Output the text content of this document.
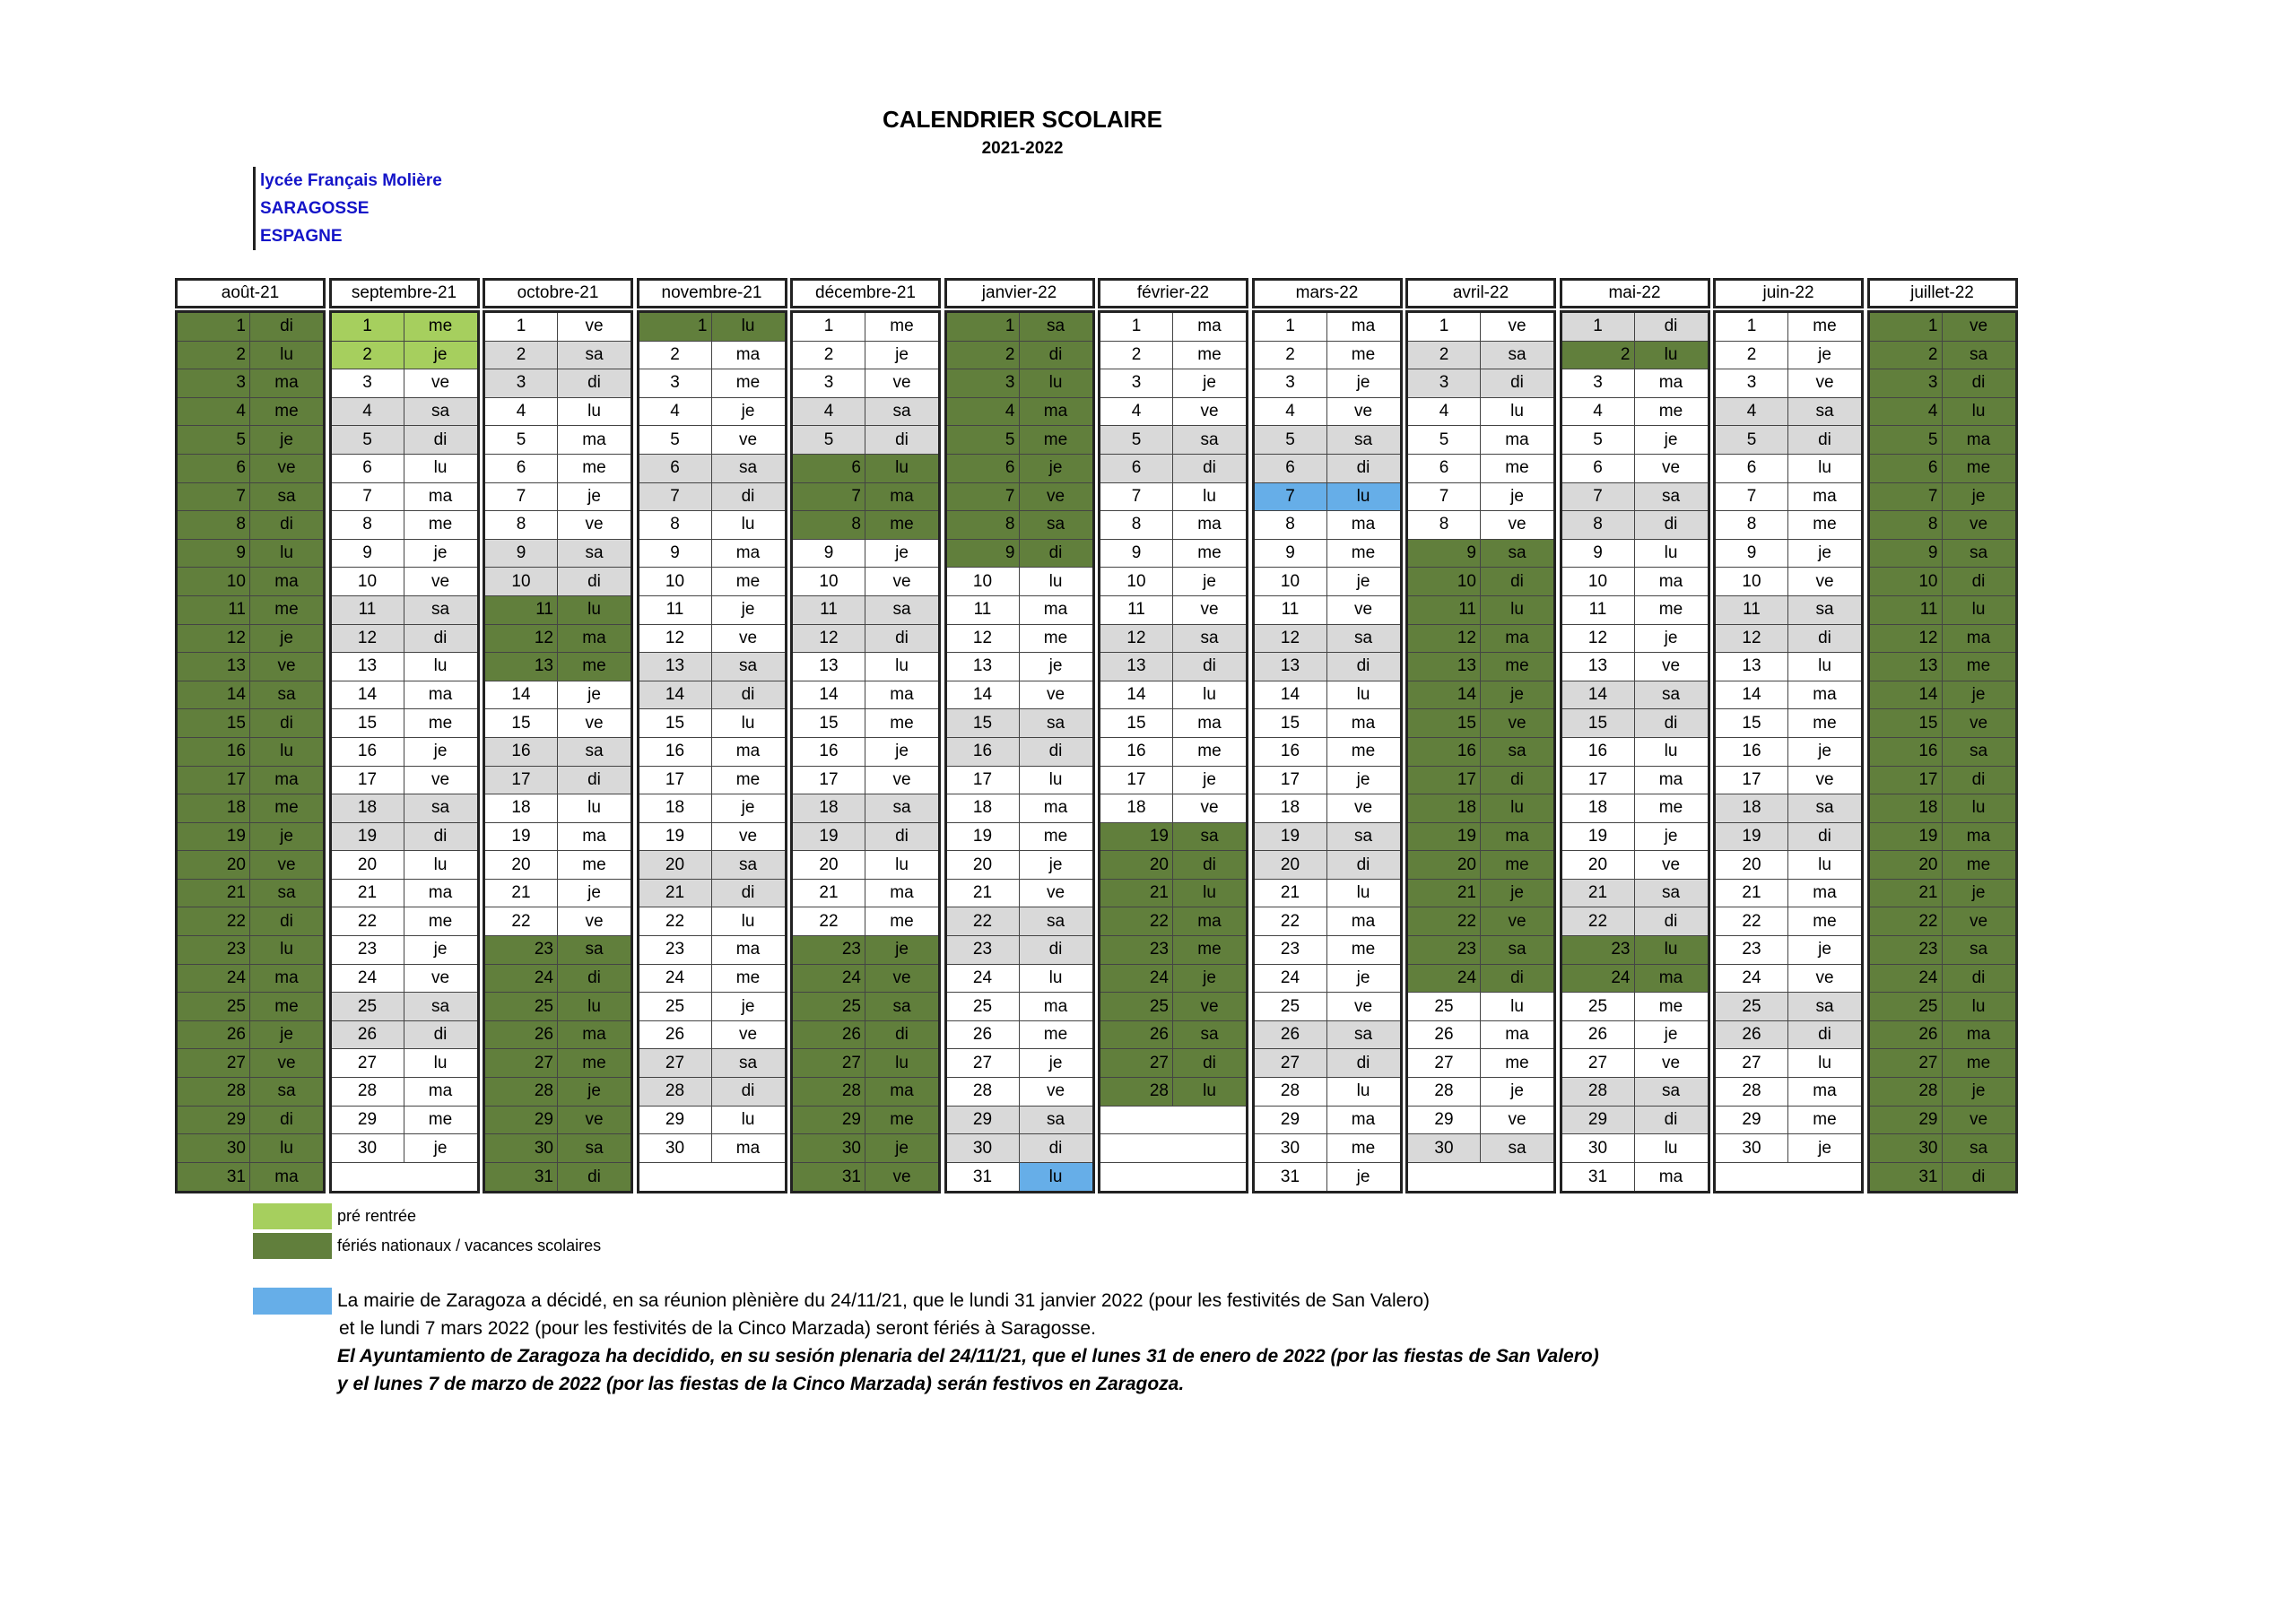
CALENDRIER SCOLAIRE
2021-2022
lycée Français Molière
SARAGOSSE
ESPAGNE
août-21
1	di
2	lu
3	ma
4	me
5	je
6	ve
7	sa
8	di
9	lu
10	ma
11	me
12	je
13	ve
14	sa
15	di
16	lu
17	ma
18	me
19	je
20	ve
21	sa
22	di
23	lu
24	ma
25	me
26	je
27	ve
28	sa
29	di
30	lu
31	ma
septembre-21
1	me
2	je
3	ve
4	sa
5	di
6	lu
7	ma
8	me
9	je
10	ve
11	sa
12	di
13	lu
14	ma
15	me
16	je
17	ve
18	sa
19	di
20	lu
21	ma
22	me
23	je
24	ve
25	sa
26	di
27	lu
28	ma
29	me
30	je
octobre-21
1	ve
2	sa
3	di
4	lu
5	ma
6	me
7	je
8	ve
9	sa
10	di
11	lu
12	ma
13	me
14	je
15	ve
16	sa
17	di
18	lu
19	ma
20	me
21	je
22	ve
23	sa
24	di
25	lu
26	ma
27	me
28	je
29	ve
30	sa
31	di
novembre-21
1	lu
2	ma
3	me
4	je
5	ve
6	sa
7	di
8	lu
9	ma
10	me
11	je
12	ve
13	sa
14	di
15	lu
16	ma
17	me
18	je
19	ve
20	sa
21	di
22	lu
23	ma
24	me
25	je
26	ve
27	sa
28	di
29	lu
30	ma
décembre-21
1	me
2	je
3	ve
4	sa
5	di
6	lu
7	ma
8	me
9	je
10	ve
11	sa
12	di
13	lu
14	ma
15	me
16	je
17	ve
18	sa
19	di
20	lu
21	ma
22	me
23	je
24	ve
25	sa
26	di
27	lu
28	ma
29	me
30	je
31	ve
janvier-22
1	sa
2	di
3	lu
4	ma
5	me
6	je
7	ve
8	sa
9	di
10	lu
11	ma
12	me
13	je
14	ve
15	sa
16	di
17	lu
18	ma
19	me
20	je
21	ve
22	sa
23	di
24	lu
25	ma
26	me
27	je
28	ve
29	sa
30	di
31	lu
février-22
1	ma
2	me
3	je
4	ve
5	sa
6	di
7	lu
8	ma
9	me
10	je
11	ve
12	sa
13	di
14	lu
15	ma
16	me
17	je
18	ve
19	sa
20	di
21	lu
22	ma
23	me
24	je
25	ve
26	sa
27	di
28	lu
mars-22
1	ma
2	me
3	je
4	ve
5	sa
6	di
7	lu
8	ma
9	me
10	je
11	ve
12	sa
13	di
14	lu
15	ma
16	me
17	je
18	ve
19	sa
20	di
21	lu
22	ma
23	me
24	je
25	ve
26	sa
27	di
28	lu
29	ma
30	me
31	je
avril-22
1	ve
2	sa
3	di
4	lu
5	ma
6	me
7	je
8	ve
9	sa
10	di
11	lu
12	ma
13	me
14	je
15	ve
16	sa
17	di
18	lu
19	ma
20	me
21	je
22	ve
23	sa
24	di
25	lu
26	ma
27	me
28	je
29	ve
30	sa
mai-22
1	di
2	lu
3	ma
4	me
5	je
6	ve
7	sa
8	di
9	lu
10	ma
11	me
12	je
13	ve
14	sa
15	di
16	lu
17	ma
18	me
19	je
20	ve
21	sa
22	di
23	lu
24	ma
25	me
26	je
27	ve
28	sa
29	di
30	lu
31	ma
juin-22
1	me
2	je
3	ve
4	sa
5	di
6	lu
7	ma
8	me
9	je
10	ve
11	sa
12	di
13	lu
14	ma
15	me
16	je
17	ve
18	sa
19	di
20	lu
21	ma
22	me
23	je
24	ve
25	sa
26	di
27	lu
28	ma
29	me
30	je
juillet-22
1	ve
2	sa
3	di
4	lu
5	ma
6	me
7	je
8	ve
9	sa
10	di
11	lu
12	ma
13	me
14	je
15	ve
16	sa
17	di
18	lu
19	ma
20	me
21	je
22	ve
23	sa
24	di
25	lu
26	ma
27	me
28	je
29	ve
30	sa
31	di
pré rentrée
fériés nationaux / vacances scolaires
La mairie de Zaragoza a décidé, en sa réunion plènière du 24/11/21, que le lundi 31 janvier 2022 (pour les festivités de San Valero)
et le lundi 7 mars 2022 (pour les festivités de la Cinco Marzada) seront fériés à Saragosse.
El Ayuntamiento de Zaragoza ha decidido, en su sesión plenaria del 24/11/21, que el lunes 31 de enero de 2022 (por las fiestas de San Valero)
y el lunes 7 de marzo de 2022 (por las fiestas de la Cinco Marzada) serán festivos en Zaragoza.
